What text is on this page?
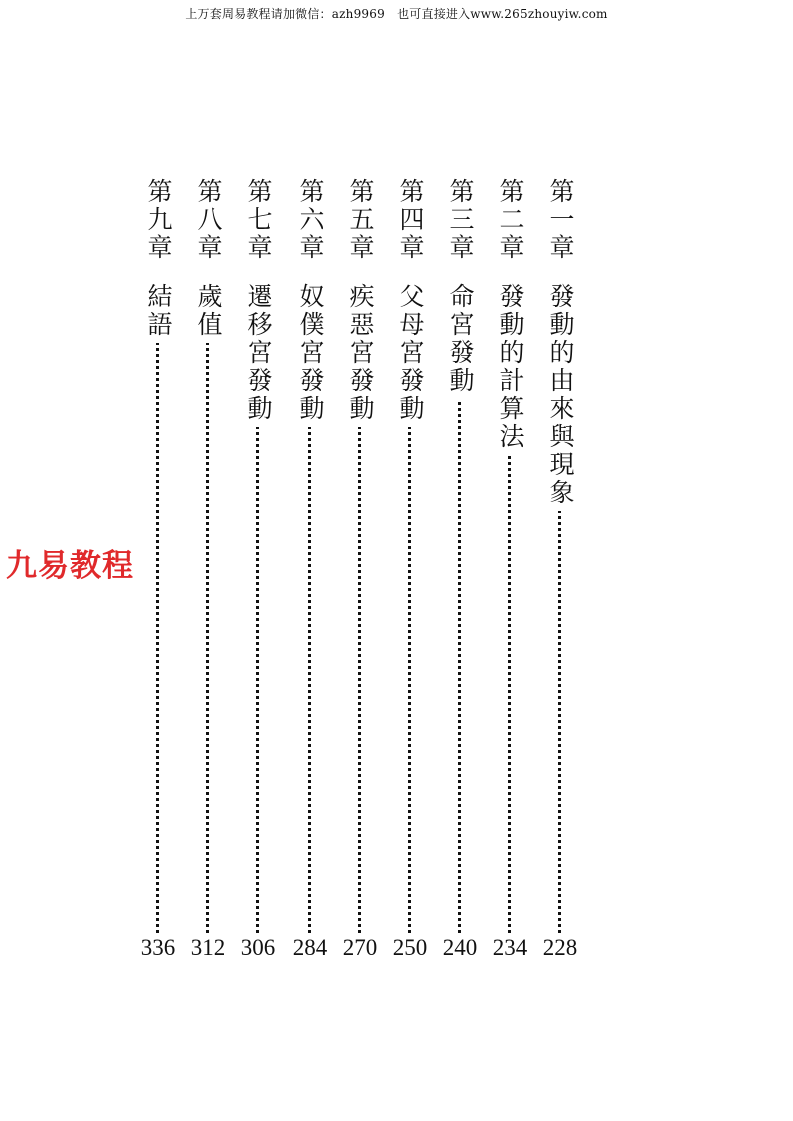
上万套周易教程请加微信：azh9969　也可直接进入www.265zhouyiw.com
九易教程
第一章
發動的由來與現象
228
第二章
發動的計算法
234
第三章
命宮發動
240
第四章
父母宮發動
250
第五章
疾惡宮發動
270
第六章
奴僕宮發動
284
第七章
遷移宮發動
306
第八章
歲值
312
第九章
結語
336
